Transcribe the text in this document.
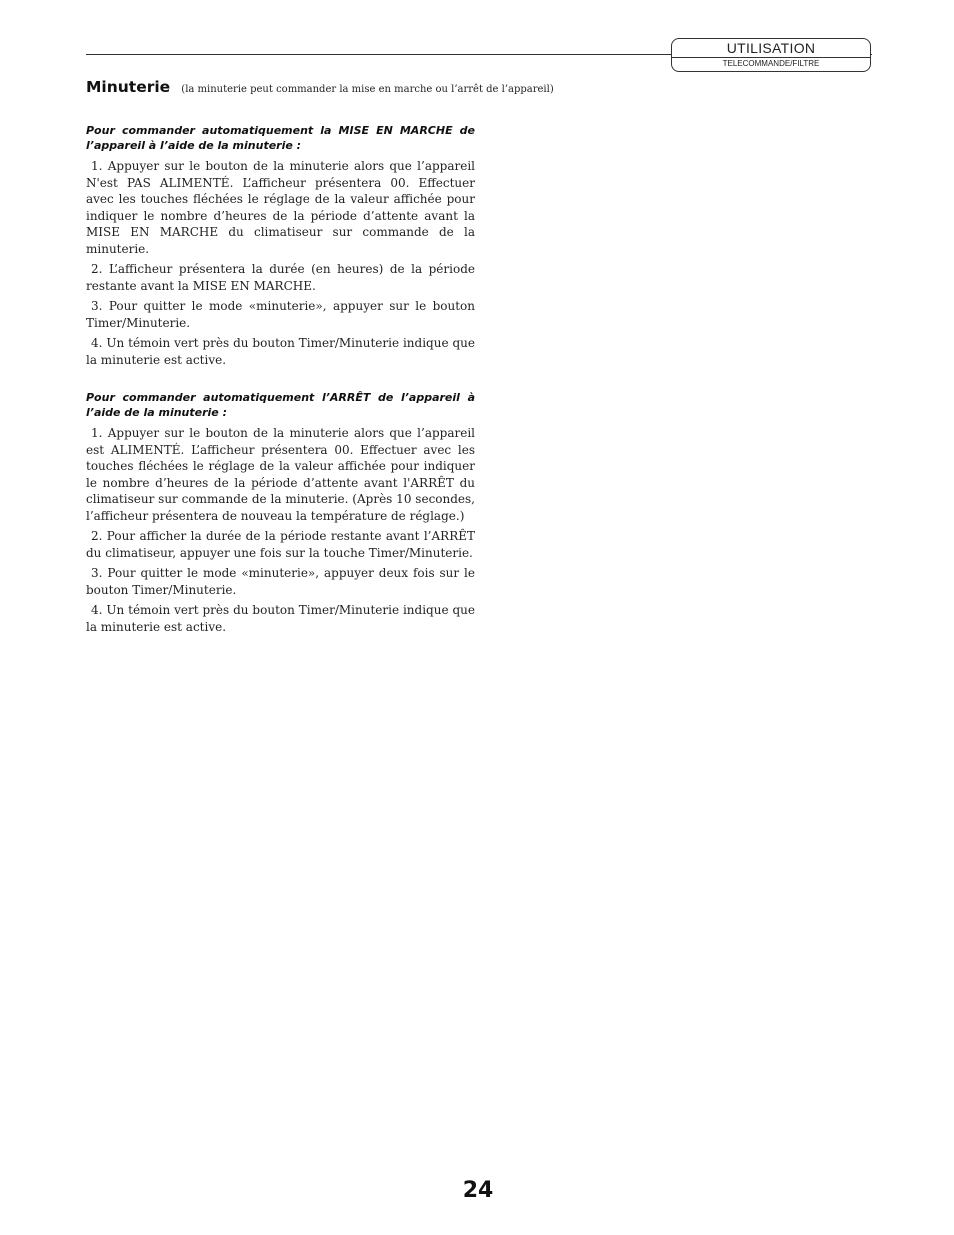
UTILISATION
TELECOMMANDE/FILTRE
Minuterie (la minuterie peut commander la mise en marche ou l’arrêt de l’appareil)

Pour commander automatiquement la MISE EN MARCHE de l’appareil à l’aide de la minuterie :

1. Appuyer sur le bouton de la minuterie alors que l’appareil N'est PAS ALIMENTÉ. L’afficheur présentera 00. Effectuer avec les touches fléchées le réglage de la valeur affichée pour indiquer le nombre d’heures de la période d’attente avant la MISE EN MARCHE du climatiseur sur commande de la minuterie.

2. L’afficheur présentera la durée (en heures) de la période restante avant la MISE EN MARCHE.

3. Pour quitter le mode «minuterie», appuyer sur le bouton Timer/Minuterie.

4. Un témoin vert près du bouton Timer/Minuterie indique que la minuterie est active.

Pour commander automatiquement l’ARRÊT de l’appareil à l’aide de la minuterie :

1. Appuyer sur le bouton de la minuterie alors que l’appareil est ALIMENTÉ. L’afficheur présentera 00. Effectuer avec les touches fléchées le réglage de la valeur affichée pour indiquer le nombre d’heures de la période d’attente avant l'ARRÊT du climatiseur sur commande de la minuterie. (Après 10 secondes, l’afficheur présentera de nouveau la température de réglage.)

2. Pour afficher la durée de la période restante avant l’ARRÊT du climatiseur, appuyer une fois sur la touche Timer/Minuterie.

3. Pour quitter le mode «minuterie», appuyer deux fois sur le bouton Timer/Minuterie.

4. Un témoin vert près du bouton Timer/Minuterie indique que la minuterie est active.

24
